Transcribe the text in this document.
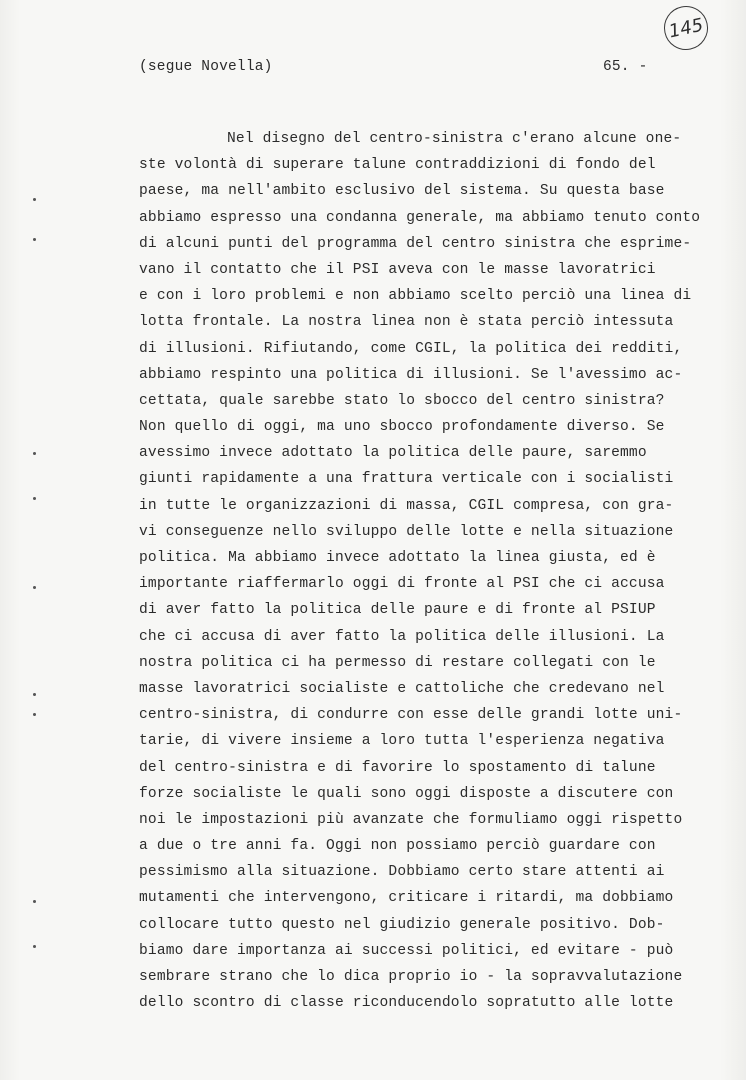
145
(segue Novella)	65. -
Nel disegno del centro-sinistra c'erano alcune one-
ste volontà di superare talune contraddizioni di fondo del
paese, ma nell'ambito esclusivo del sistema. Su questa base
abbiamo espresso una condanna generale, ma abbiamo tenuto conto
di alcuni punti del programma del centro sinistra che esprime-
vano il contatto che il PSI aveva con le masse lavoratrici
e con i loro problemi e non abbiamo scelto perciò una linea di
lotta frontale. La nostra linea non è stata perciò intessuta
di illusioni. Rifiutando, come CGIL, la politica dei redditi,
abbiamo respinto una politica di illusioni. Se l'avessimo ac-
cettata, quale sarebbe stato lo sbocco del centro sinistra?
Non quello di oggi, ma uno sbocco profondamente diverso. Se
avessimo invece adottato la politica delle paure, saremmo
giunti rapidamente a una frattura verticale con i socialisti
in tutte le organizzazioni di massa, CGIL compresa, con gra-
vi conseguenze nello sviluppo delle lotte e nella situazione
politica. Ma abbiamo invece adottato la linea giusta, ed è
importante riaffermarlo oggi di fronte al PSI che ci accusa
di aver fatto la politica delle paure e di fronte al PSIUP
che ci accusa di aver fatto la politica delle illusioni. La
nostra politica ci ha permesso di restare collegati con le
masse lavoratrici socialiste e cattoliche che credevano nel
centro-sinistra, di condurre con esse delle grandi lotte uni-
tarie, di vivere insieme a loro tutta l'esperienza negativa
del centro-sinistra e di favorire lo spostamento di talune
forze socialiste le quali sono oggi disposte a discutere con
noi le impostazioni più avanzate che formuliamo oggi rispetto
a due o tre anni fa. Oggi non possiamo perciò guardare con
pessimismo alla situazione. Dobbiamo certo stare attenti ai
mutamenti che intervengono, criticare i ritardi, ma dobbiamo
collocare tutto questo nel giudizio generale positivo. Dob-
biamo dare importanza ai successi politici, ed evitare - può
sembrare strano che lo dica proprio io - la sopravvalutazione
dello scontro di classe riconducendolo sopratutto alle lotte
